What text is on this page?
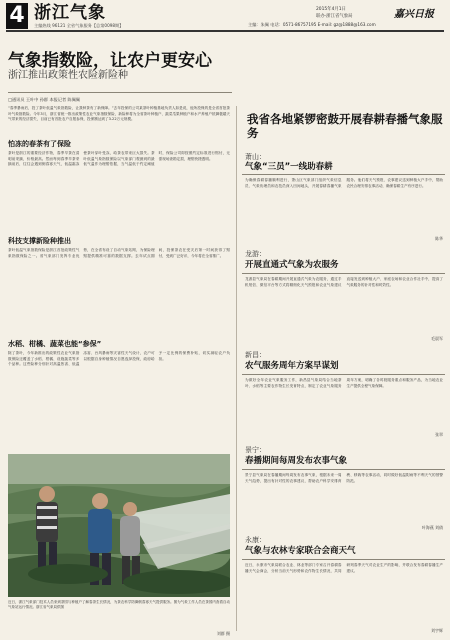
4 浙江气象
主编热线 96121 全省气象服务【总第0098期】
2015年4月1日
联办·浙江省气象局	嘉兴日报
主编：朱佩 电话：0571-86757195 E-mail: gz@1888@163.com
气象指数险，让农户更安心
浙江推出政策性农险新险种
□通讯员 王叶中 孙群 本报记者 陈佩佩
“春季暴雨后，投了茶叶低温气象指数险，让我种茶有了新保障。”去年投保的公司某茶叶种植基地负责人如是说，他所投保的是全省首批茶叶气象指数险。今年3月，浙江省统一推出政策性农业气象指数保险，新险种将为全省茶叶种植户、蔬菜瓜果种植户和水产养殖户抵御极端天气带来的经济损失，目前已有首批农户自愿参保，投保额达到了3.22万元规模。
怕冻的春茶有了保险
茶叶是浙江的重要经济作物，春季早茶在清明前采摘，价格最高。然而每到春季早茶采摘前后，往往会遇到倒春寒天气，低温霜冻使茶叶芽叶受冻，给茶农带来巨大损失。茶叶低温气象指数保险以气象部门观测到的最低气温作为理赔依据，当气温低于约定阈值时，保险公司即按照约定标准进行赔付，无需现场查勘定损，理赔快捷透明。
科技支撑新险种推出
茶叶低温气象指数保险是浙江首批政策性气象指数保险之一。省气象部门发挥专业优势，在全省布设了自动气象站网，为保险理赔提供精准可靠的数据支撑。去年试点期间，投保茶农在受灾后第一时间获得了赔付，受到广泛好评，今年将在全省推广。
水稻、柑橘、蔬菜也能“参保”
除了茶叶，今年新推出的政策性农业气象指数保险还覆盖了水稻、柑橘、设施蔬菜等多个品种。这些险种分别针对高温热害、低温冻害、台风暴雨等灾害性天气设计，农户可以根据自身种植情况自愿选择投保，政府给予一定比例的保费补贴，切实减轻农户负担。
近日，浙江气象部门技术人员来到茶园与种植户了解春茶生长情况，为茶农科学防御倒春寒天气提供服务。图为气象工作人员在茶园内查看自动气象站运行情况。浙江省气象局供图
刘群 摄
我省各地紧锣密鼓开展春耕春播气象服务
萧山：
气象“三员”一线助春耕
为确保春耕春播顺利进行，萧山区气象部门组织气象信息员、气象协理员和农技员深入田间地头，开展春耕春播气象服务。他们将天气预报、农事建议送到种植大户手中，帮助农民合理安排农事活动，确保春耕生产有序进行。
陈华
龙游：
开展直通式气象为农服务
龙游县气象局在春耕期间开展直通式气象为农服务，通过手机短信、微信平台等方式将精细化天气预报和农业气象建议直接发送到种植大户、家庭农场和农业合作社手中，提高了气象服务的针对性和时效性。
毛晨军
新昌：
农气服务周年方案早谋划
为做好全年农业气象服务工作，新昌县气象局结合当地茶叶、水稻等主要农作物生长发育特点，制定了农业气象服务周年方案，明确了各时段服务重点和服务产品，为当地农业生产提供全程气象保障。
张翠
景宁：
春播期间每周发布农事气象
景宁县气象局在春播期间每周发布农事气象，根据未来一周天气趋势，提出有针对性的农事建议，帮助农户科学安排育秧、移栽等农事活动，同时做好低温阴雨等不利天气的预警防范。
叶海燕 刘倩
永康：
气象与农林专家联合会商天气
近日，永康市气象局联合农业、林业等部门专家召开春耕春播天气会商会，分析当前天气形势和农作物生长情况，共同研判春季天气对农业生产的影响，并联合发布春耕春播生产建议。
刘宇辉
